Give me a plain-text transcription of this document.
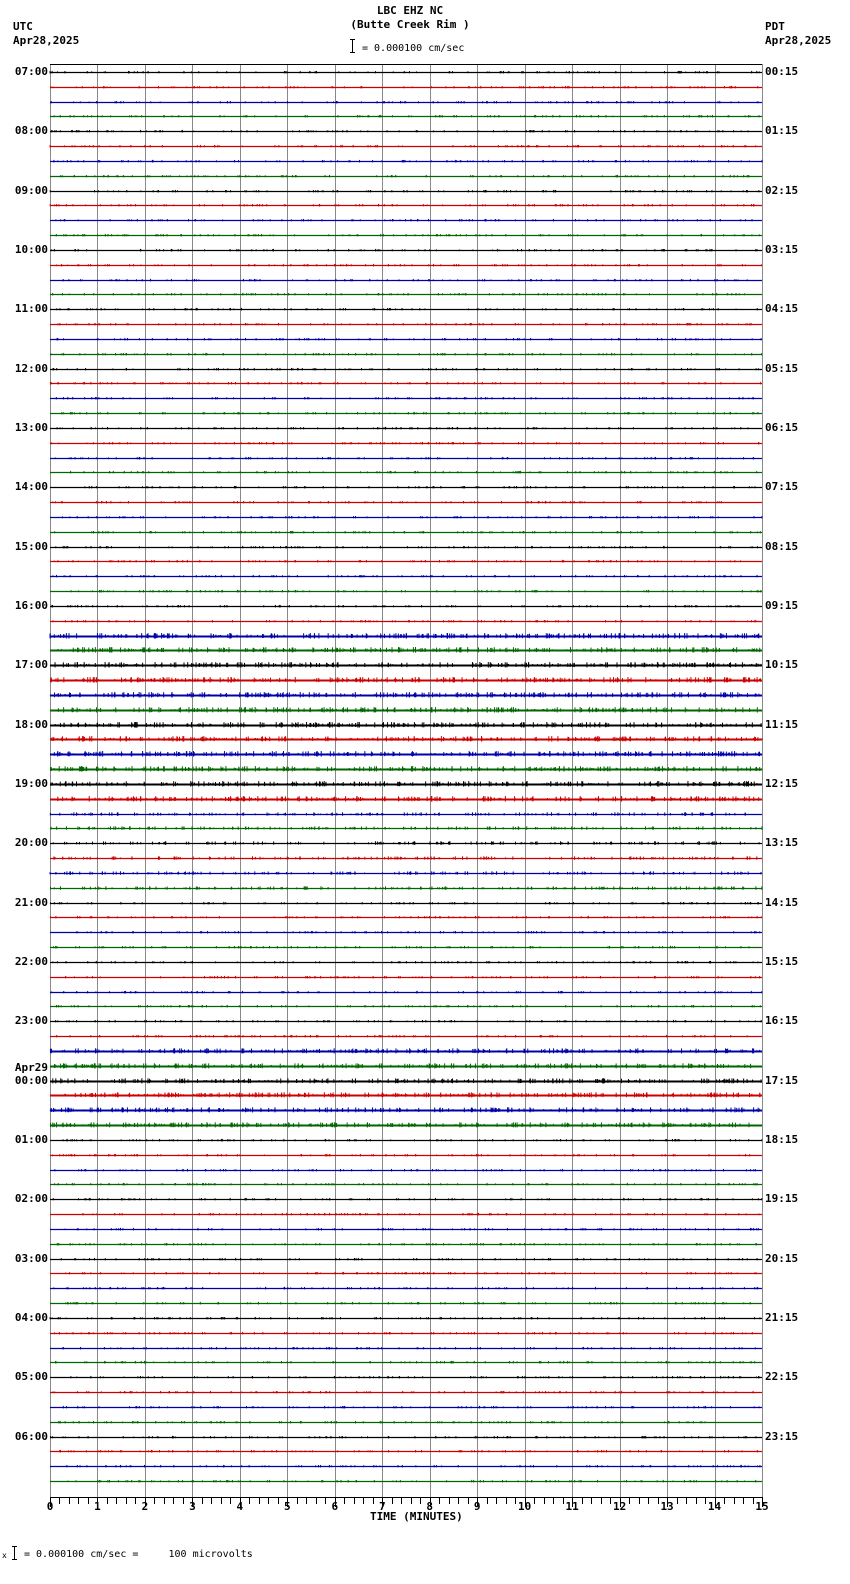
LBC EHZ NC
(Butte Creek Rim )
= 0.000100 cm/sec
UTC
Apr28,2025
PDT
Apr28,2025
0	1	2	3	4	5	6	7	8	9	10	11	12	13	14	15
07:00
08:00
09:00
10:00
11:00
12:00
13:00
14:00
15:00
16:00
17:00
18:00
19:00
20:00
21:00
22:00
23:00
00:00
Apr29
01:00
02:00
03:00
04:00
05:00
06:00
00:15
01:15
02:15
03:15
04:15
05:15
06:15
07:15
08:15
09:15
10:15
11:15
12:15
13:15
14:15
15:15
16:15
17:15
18:15
19:15
20:15
21:15
22:15
23:15
TIME (MINUTES)
x = 0.000100 cm/sec =     100 microvolts
